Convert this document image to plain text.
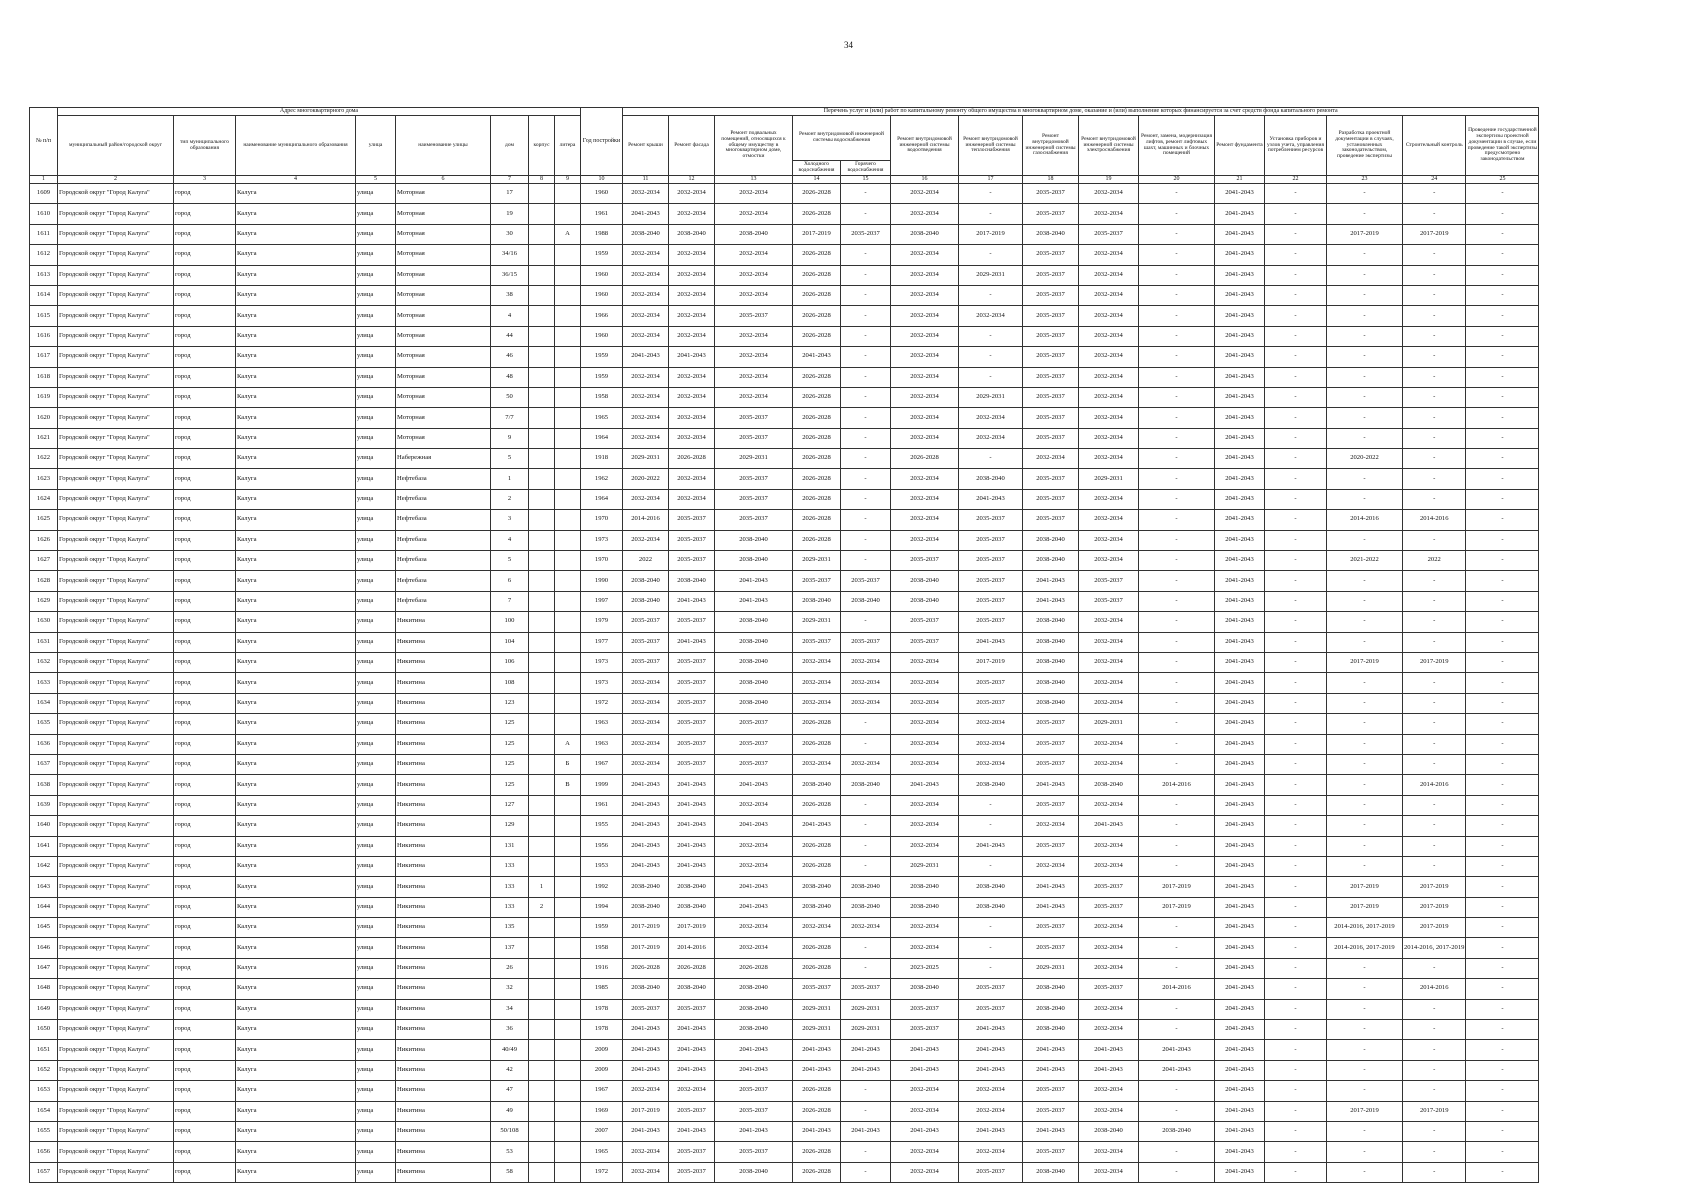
34
№ п/п	Адрес многоквартирного дома								Год постройки	Перечень услуг и (или) работ по капитальному ремонту общего имущества в многоквартирном доме, оказание и (или) выполнение которых финансируется за счет средств фонда капитального ремонта														
	муниципальный район/городской округ	тип муниципального образования	наименование муниципального образования	улица	наименование улицы	дом	корпус	литера		Ремонт крыши	Ремонт фасада	Ремонт подвальных помещений, относящихся к общему имуществу в многоквартирном доме, отмостки	Ремонт внутридомовой инженерной системы водоснабжения		Ремонт внутридомовой инженерной системы водоотведения	Ремонт внутридомовой инженерной системы теплоснабжения	Ремонт внутридомовой инженерной системы газоснабжения	Ремонт внутридомовой инженерной системы электроснабжения	Ремонт, замена, модернизация лифтов, ремонт лифтовых шахт, машинных и блочных помещений	Ремонт фундамента	Установка приборов и узлов учета, управления потреблением ресурсов	Разработка проектной документации в случаях, установленных законодательством, проведение экспертизы	Строительный контроль	Проведение государственной экспертизы проектной документации в случае, если проведение такой экспертизы предусмотрено законодательством
													Холодного водоснабжения	Горячего водоснабжения										
1	2	3	4	5	6	7	8	9	10	11	12	13	14	15	16	17	18	19	20	21	22	23	24	25
1609	Городской округ "Город Калуга"	город	Калуга	улица	Моторная	17			1960	2032-2034	2032-2034	2032-2034	2026-2028	-	2032-2034	-	2035-2037	2032-2034	-	2041-2043	-	-	-	-
1610	Городской округ "Город Калуга"	город	Калуга	улица	Моторная	19			1961	2041-2043	2032-2034	2032-2034	2026-2028	-	2032-2034	-	2035-2037	2032-2034	-	2041-2043	-	-	-	-
1611	Городской округ "Город Калуга"	город	Калуга	улица	Моторная	30		А	1988	2038-2040	2038-2040	2038-2040	2017-2019	2035-2037	2038-2040	2017-2019	2038-2040	2035-2037	-	2041-2043	-	2017-2019	2017-2019	-
1612	Городской округ "Город Калуга"	город	Калуга	улица	Моторная	34/16			1959	2032-2034	2032-2034	2032-2034	2026-2028	-	2032-2034	-	2035-2037	2032-2034	-	2041-2043	-	-	-	-
1613	Городской округ "Город Калуга"	город	Калуга	улица	Моторная	36/15			1960	2032-2034	2032-2034	2032-2034	2026-2028	-	2032-2034	2029-2031	2035-2037	2032-2034	-	2041-2043	-	-	-	-
1614	Городской округ "Город Калуга"	город	Калуга	улица	Моторная	38			1960	2032-2034	2032-2034	2032-2034	2026-2028	-	2032-2034	-	2035-2037	2032-2034	-	2041-2043	-	-	-	-
1615	Городской округ "Город Калуга"	город	Калуга	улица	Моторная	4			1966	2032-2034	2032-2034	2035-2037	2026-2028	-	2032-2034	2032-2034	2035-2037	2032-2034	-	2041-2043	-	-	-	-
1616	Городской округ "Город Калуга"	город	Калуга	улица	Моторная	44			1960	2032-2034	2032-2034	2032-2034	2026-2028	-	2032-2034	-	2035-2037	2032-2034	-	2041-2043	-	-	-	-
1617	Городской округ "Город Калуга"	город	Калуга	улица	Моторная	46			1959	2041-2043	2041-2043	2032-2034	2041-2043	-	2032-2034	-	2035-2037	2032-2034	-	2041-2043	-	-	-	-
1618	Городской округ "Город Калуга"	город	Калуга	улица	Моторная	48			1959	2032-2034	2032-2034	2032-2034	2026-2028	-	2032-2034	-	2035-2037	2032-2034	-	2041-2043	-	-	-	-
1619	Городской округ "Город Калуга"	город	Калуга	улица	Моторная	50			1958	2032-2034	2032-2034	2032-2034	2026-2028	-	2032-2034	2029-2031	2035-2037	2032-2034	-	2041-2043	-	-	-	-
1620	Городской округ "Город Калуга"	город	Калуга	улица	Моторная	7/7			1965	2032-2034	2032-2034	2035-2037	2026-2028	-	2032-2034	2032-2034	2035-2037	2032-2034	-	2041-2043	-	-	-	-
1621	Городской округ "Город Калуга"	город	Калуга	улица	Моторная	9			1964	2032-2034	2032-2034	2035-2037	2026-2028	-	2032-2034	2032-2034	2035-2037	2032-2034	-	2041-2043	-	-	-	-
1622	Городской округ "Город Калуга"	город	Калуга	улица	Набережная	5			1918	2029-2031	2026-2028	2029-2031	2026-2028	-	2026-2028	-	2032-2034	2032-2034	-	2041-2043	-	2020-2022	-	-
1623	Городской округ "Город Калуга"	город	Калуга	улица	Нефтебаза	1			1962	2020-2022	2032-2034	2035-2037	2026-2028	-	2032-2034	2038-2040	2035-2037	2029-2031	-	2041-2043	-	-	-	-
1624	Городской округ "Город Калуга"	город	Калуга	улица	Нефтебаза	2			1964	2032-2034	2032-2034	2035-2037	2026-2028	-	2032-2034	2041-2043	2035-2037	2032-2034	-	2041-2043	-	-	-	-
1625	Городской округ "Город Калуга"	город	Калуга	улица	Нефтебаза	3			1970	2014-2016	2035-2037	2035-2037	2026-2028	-	2032-2034	2035-2037	2035-2037	2032-2034	-	2041-2043	-	2014-2016	2014-2016	-
1626	Городской округ "Город Калуга"	город	Калуга	улица	Нефтебаза	4			1973	2032-2034	2035-2037	2038-2040	2026-2028	-	2032-2034	2035-2037	2038-2040	2032-2034	-	2041-2043	-	-	-	-
1627	Городской округ "Город Калуга"	город	Калуга	улица	Нефтебаза	5			1970	2022	2035-2037	2038-2040	2029-2031	-	2035-2037	2035-2037	2038-2040	2032-2034	-	2041-2043	-	2021-2022	2022	-
1628	Городской округ "Город Калуга"	город	Калуга	улица	Нефтебаза	6			1990	2038-2040	2038-2040	2041-2043	2035-2037	2035-2037	2038-2040	2035-2037	2041-2043	2035-2037	-	2041-2043	-	-	-	-
1629	Городской округ "Город Калуга"	город	Калуга	улица	Нефтебаза	7			1997	2038-2040	2041-2043	2041-2043	2038-2040	2038-2040	2038-2040	2035-2037	2041-2043	2035-2037	-	2041-2043	-	-	-	-
1630	Городской округ "Город Калуга"	город	Калуга	улица	Никитина	100			1979	2035-2037	2035-2037	2038-2040	2029-2031	-	2035-2037	2035-2037	2038-2040	2032-2034	-	2041-2043	-	-	-	-
1631	Городской округ "Город Калуга"	город	Калуга	улица	Никитина	104			1977	2035-2037	2041-2043	2038-2040	2035-2037	2035-2037	2035-2037	2041-2043	2038-2040	2032-2034	-	2041-2043	-	-	-	-
1632	Городской округ "Город Калуга"	город	Калуга	улица	Никитина	106			1973	2035-2037	2035-2037	2038-2040	2032-2034	2032-2034	2032-2034	2017-2019	2038-2040	2032-2034	-	2041-2043	-	2017-2019	2017-2019	-
1633	Городской округ "Город Калуга"	город	Калуга	улица	Никитина	108			1973	2032-2034	2035-2037	2038-2040	2032-2034	2032-2034	2032-2034	2035-2037	2038-2040	2032-2034	-	2041-2043	-	-	-	-
1634	Городской округ "Город Калуга"	город	Калуга	улица	Никитина	123			1972	2032-2034	2035-2037	2038-2040	2032-2034	2032-2034	2032-2034	2035-2037	2038-2040	2032-2034	-	2041-2043	-	-	-	-
1635	Городской округ "Город Калуга"	город	Калуга	улица	Никитина	125			1963	2032-2034	2035-2037	2035-2037	2026-2028	-	2032-2034	2032-2034	2035-2037	2029-2031	-	2041-2043	-	-	-	-
1636	Городской округ "Город Калуга"	город	Калуга	улица	Никитина	125		А	1963	2032-2034	2035-2037	2035-2037	2026-2028	-	2032-2034	2032-2034	2035-2037	2032-2034	-	2041-2043	-	-	-	-
1637	Городской округ "Город Калуга"	город	Калуга	улица	Никитина	125		Б	1967	2032-2034	2035-2037	2035-2037	2032-2034	2032-2034	2032-2034	2032-2034	2035-2037	2032-2034	-	2041-2043	-	-	-	-
1638	Городской округ "Город Калуга"	город	Калуга	улица	Никитина	125		В	1999	2041-2043	2041-2043	2041-2043	2038-2040	2038-2040	2041-2043	2038-2040	2041-2043	2038-2040	2014-2016	2041-2043	-	-	2014-2016	-
1639	Городской округ "Город Калуга"	город	Калуга	улица	Никитина	127			1961	2041-2043	2041-2043	2032-2034	2026-2028	-	2032-2034	-	2035-2037	2032-2034	-	2041-2043	-	-	-	-
1640	Городской округ "Город Калуга"	город	Калуга	улица	Никитина	129			1955	2041-2043	2041-2043	2041-2043	2041-2043	-	2032-2034	-	2032-2034	2041-2043	-	2041-2043	-	-	-	-
1641	Городской округ "Город Калуга"	город	Калуга	улица	Никитина	131			1956	2041-2043	2041-2043	2032-2034	2026-2028	-	2032-2034	2041-2043	2035-2037	2032-2034	-	2041-2043	-	-	-	-
1642	Городской округ "Город Калуга"	город	Калуга	улица	Никитина	133			1953	2041-2043	2041-2043	2032-2034	2026-2028	-	2029-2031	-	2032-2034	2032-2034	-	2041-2043	-	-	-	-
1643	Городской округ "Город Калуга"	город	Калуга	улица	Никитина	133	1		1992	2038-2040	2038-2040	2041-2043	2038-2040	2038-2040	2038-2040	2038-2040	2041-2043	2035-2037	2017-2019	2041-2043	-	2017-2019	2017-2019	-
1644	Городской округ "Город Калуга"	город	Калуга	улица	Никитина	133	2		1994	2038-2040	2038-2040	2041-2043	2038-2040	2038-2040	2038-2040	2038-2040	2041-2043	2035-2037	2017-2019	2041-2043	-	2017-2019	2017-2019	-
1645	Городской округ "Город Калуга"	город	Калуга	улица	Никитина	135			1959	2017-2019	2017-2019	2032-2034	2032-2034	2032-2034	2032-2034	-	2035-2037	2032-2034	-	2041-2043	-	2014-2016, 2017-2019	2017-2019	-
1646	Городской округ "Город Калуга"	город	Калуга	улица	Никитина	137			1958	2017-2019	2014-2016	2032-2034	2026-2028	-	2032-2034	-	2035-2037	2032-2034	-	2041-2043	-	2014-2016, 2017-2019	2014-2016, 2017-2019	-
1647	Городской округ "Город Калуга"	город	Калуга	улица	Никитина	26			1916	2026-2028	2026-2028	2026-2028	2026-2028	-	2023-2025	-	2029-2031	2032-2034	-	2041-2043	-	-	-	-
1648	Городской округ "Город Калуга"	город	Калуга	улица	Никитина	32			1985	2038-2040	2038-2040	2038-2040	2035-2037	2035-2037	2038-2040	2035-2037	2038-2040	2035-2037	2014-2016	2041-2043	-	-	2014-2016	-
1649	Городской округ "Город Калуга"	город	Калуга	улица	Никитина	34			1978	2035-2037	2035-2037	2038-2040	2029-2031	2029-2031	2035-2037	2035-2037	2038-2040	2032-2034	-	2041-2043	-	-	-	-
1650	Городской округ "Город Калуга"	город	Калуга	улица	Никитина	36			1978	2041-2043	2041-2043	2038-2040	2029-2031	2029-2031	2035-2037	2041-2043	2038-2040	2032-2034	-	2041-2043	-	-	-	-
1651	Городской округ "Город Калуга"	город	Калуга	улица	Никитина	40/49			2009	2041-2043	2041-2043	2041-2043	2041-2043	2041-2043	2041-2043	2041-2043	2041-2043	2041-2043	2041-2043	2041-2043	-	-	-	-
1652	Городской округ "Город Калуга"	город	Калуга	улица	Никитина	42			2009	2041-2043	2041-2043	2041-2043	2041-2043	2041-2043	2041-2043	2041-2043	2041-2043	2041-2043	2041-2043	2041-2043	-	-	-	-
1653	Городской округ "Город Калуга"	город	Калуга	улица	Никитина	47			1967	2032-2034	2032-2034	2035-2037	2026-2028	-	2032-2034	2032-2034	2035-2037	2032-2034	-	2041-2043	-	-	-	-
1654	Городской округ "Город Калуга"	город	Калуга	улица	Никитина	49			1969	2017-2019	2035-2037	2035-2037	2026-2028	-	2032-2034	2032-2034	2035-2037	2032-2034	-	2041-2043	-	2017-2019	2017-2019	-
1655	Городской округ "Город Калуга"	город	Калуга	улица	Никитина	50/108			2007	2041-2043	2041-2043	2041-2043	2041-2043	2041-2043	2041-2043	2041-2043	2041-2043	2038-2040	2038-2040	2041-2043	-	-	-	-
1656	Городской округ "Город Калуга"	город	Калуга	улица	Никитина	53			1965	2032-2034	2035-2037	2035-2037	2026-2028	-	2032-2034	2032-2034	2035-2037	2032-2034	-	2041-2043	-	-	-	-
1657	Городской округ "Город Калуга"	город	Калуга	улица	Никитина	58			1972	2032-2034	2035-2037	2038-2040	2026-2028	-	2032-2034	2035-2037	2038-2040	2032-2034	-	2041-2043	-	-	-	-
